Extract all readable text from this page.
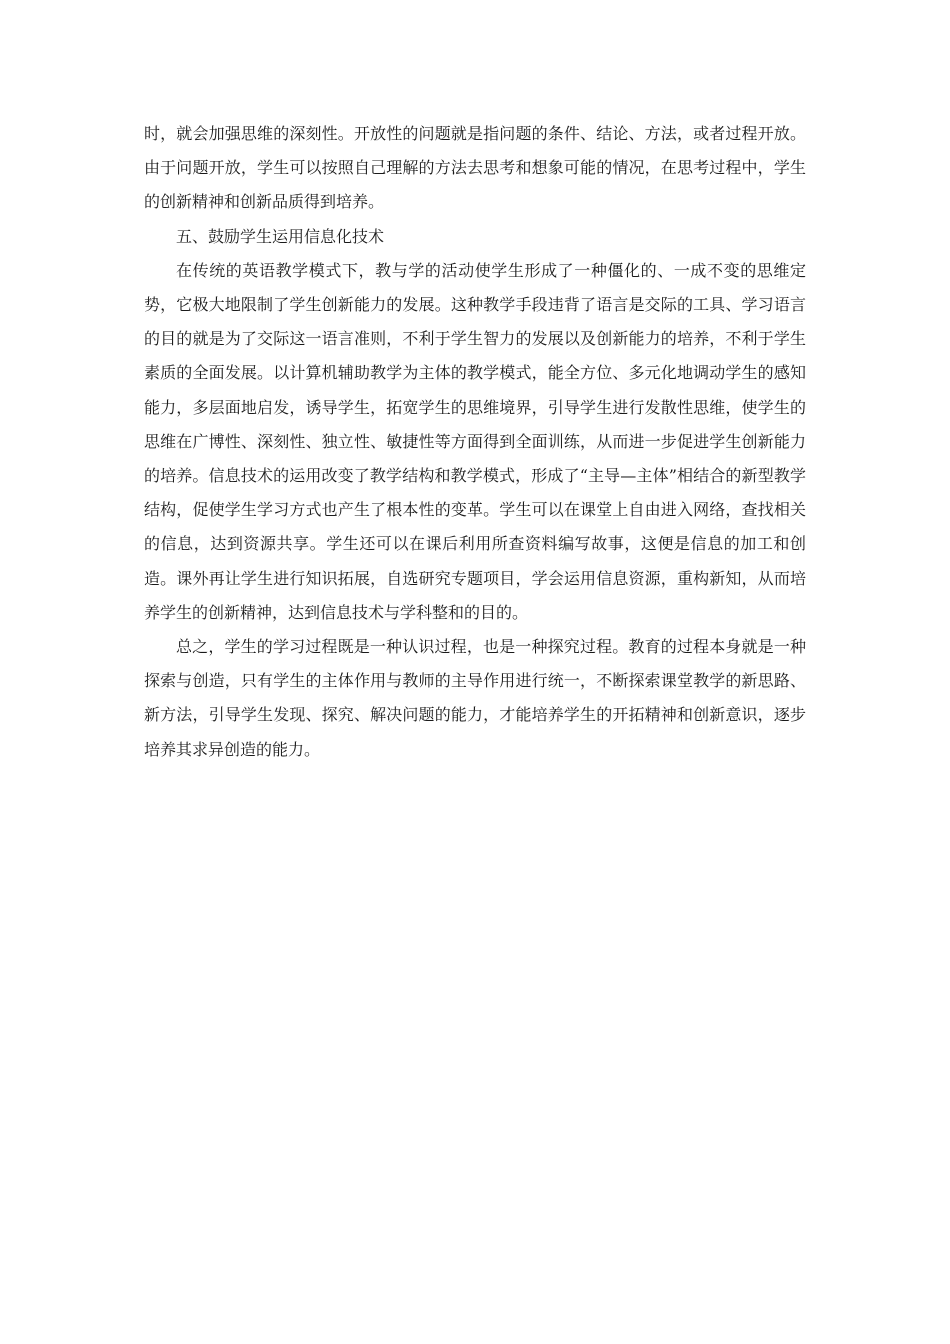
时，就会加强思维的深刻性。开放性的问题就是指问题的条件、结论、方法，或者过程开放。由于问题开放，学生可以按照自己理解的方法去思考和想象可能的情况，在思考过程中，学生的创新精神和创新品质得到培养。

五、鼓励学生运用信息化技术

在传统的英语教学模式下，教与学的活动使学生形成了一种僵化的、一成不变的思维定势，它极大地限制了学生创新能力的发展。这种教学手段违背了语言是交际的工具、学习语言的目的就是为了交际这一语言准则，不利于学生智力的发展以及创新能力的培养，不利于学生素质的全面发展。以计算机辅助教学为主体的教学模式，能全方位、多元化地调动学生的感知能力，多层面地启发，诱导学生，拓宽学生的思维境界，引导学生进行发散性思维，使学生的思维在广博性、深刻性、独立性、敏捷性等方面得到全面训练，从而进一步促进学生创新能力的培养。信息技术的运用改变了教学结构和教学模式，形成了“主导—主体”相结合的新型教学结构，促使学生学习方式也产生了根本性的变革。学生可以在课堂上自由进入网络，查找相关的信息，达到资源共享。学生还可以在课后利用所查资料编写故事，这便是信息的加工和创造。课外再让学生进行知识拓展，自选研究专题项目，学会运用信息资源，重构新知，从而培养学生的创新精神，达到信息技术与学科整和的目的。

总之，学生的学习过程既是一种认识过程，也是一种探究过程。教育的过程本身就是一种探索与创造，只有学生的主体作用与教师的主导作用进行统一，不断探索课堂教学的新思路、新方法，引导学生发现、探究、解决问题的能力，才能培养学生的开拓精神和创新意识，逐步培养其求异创造的能力。
